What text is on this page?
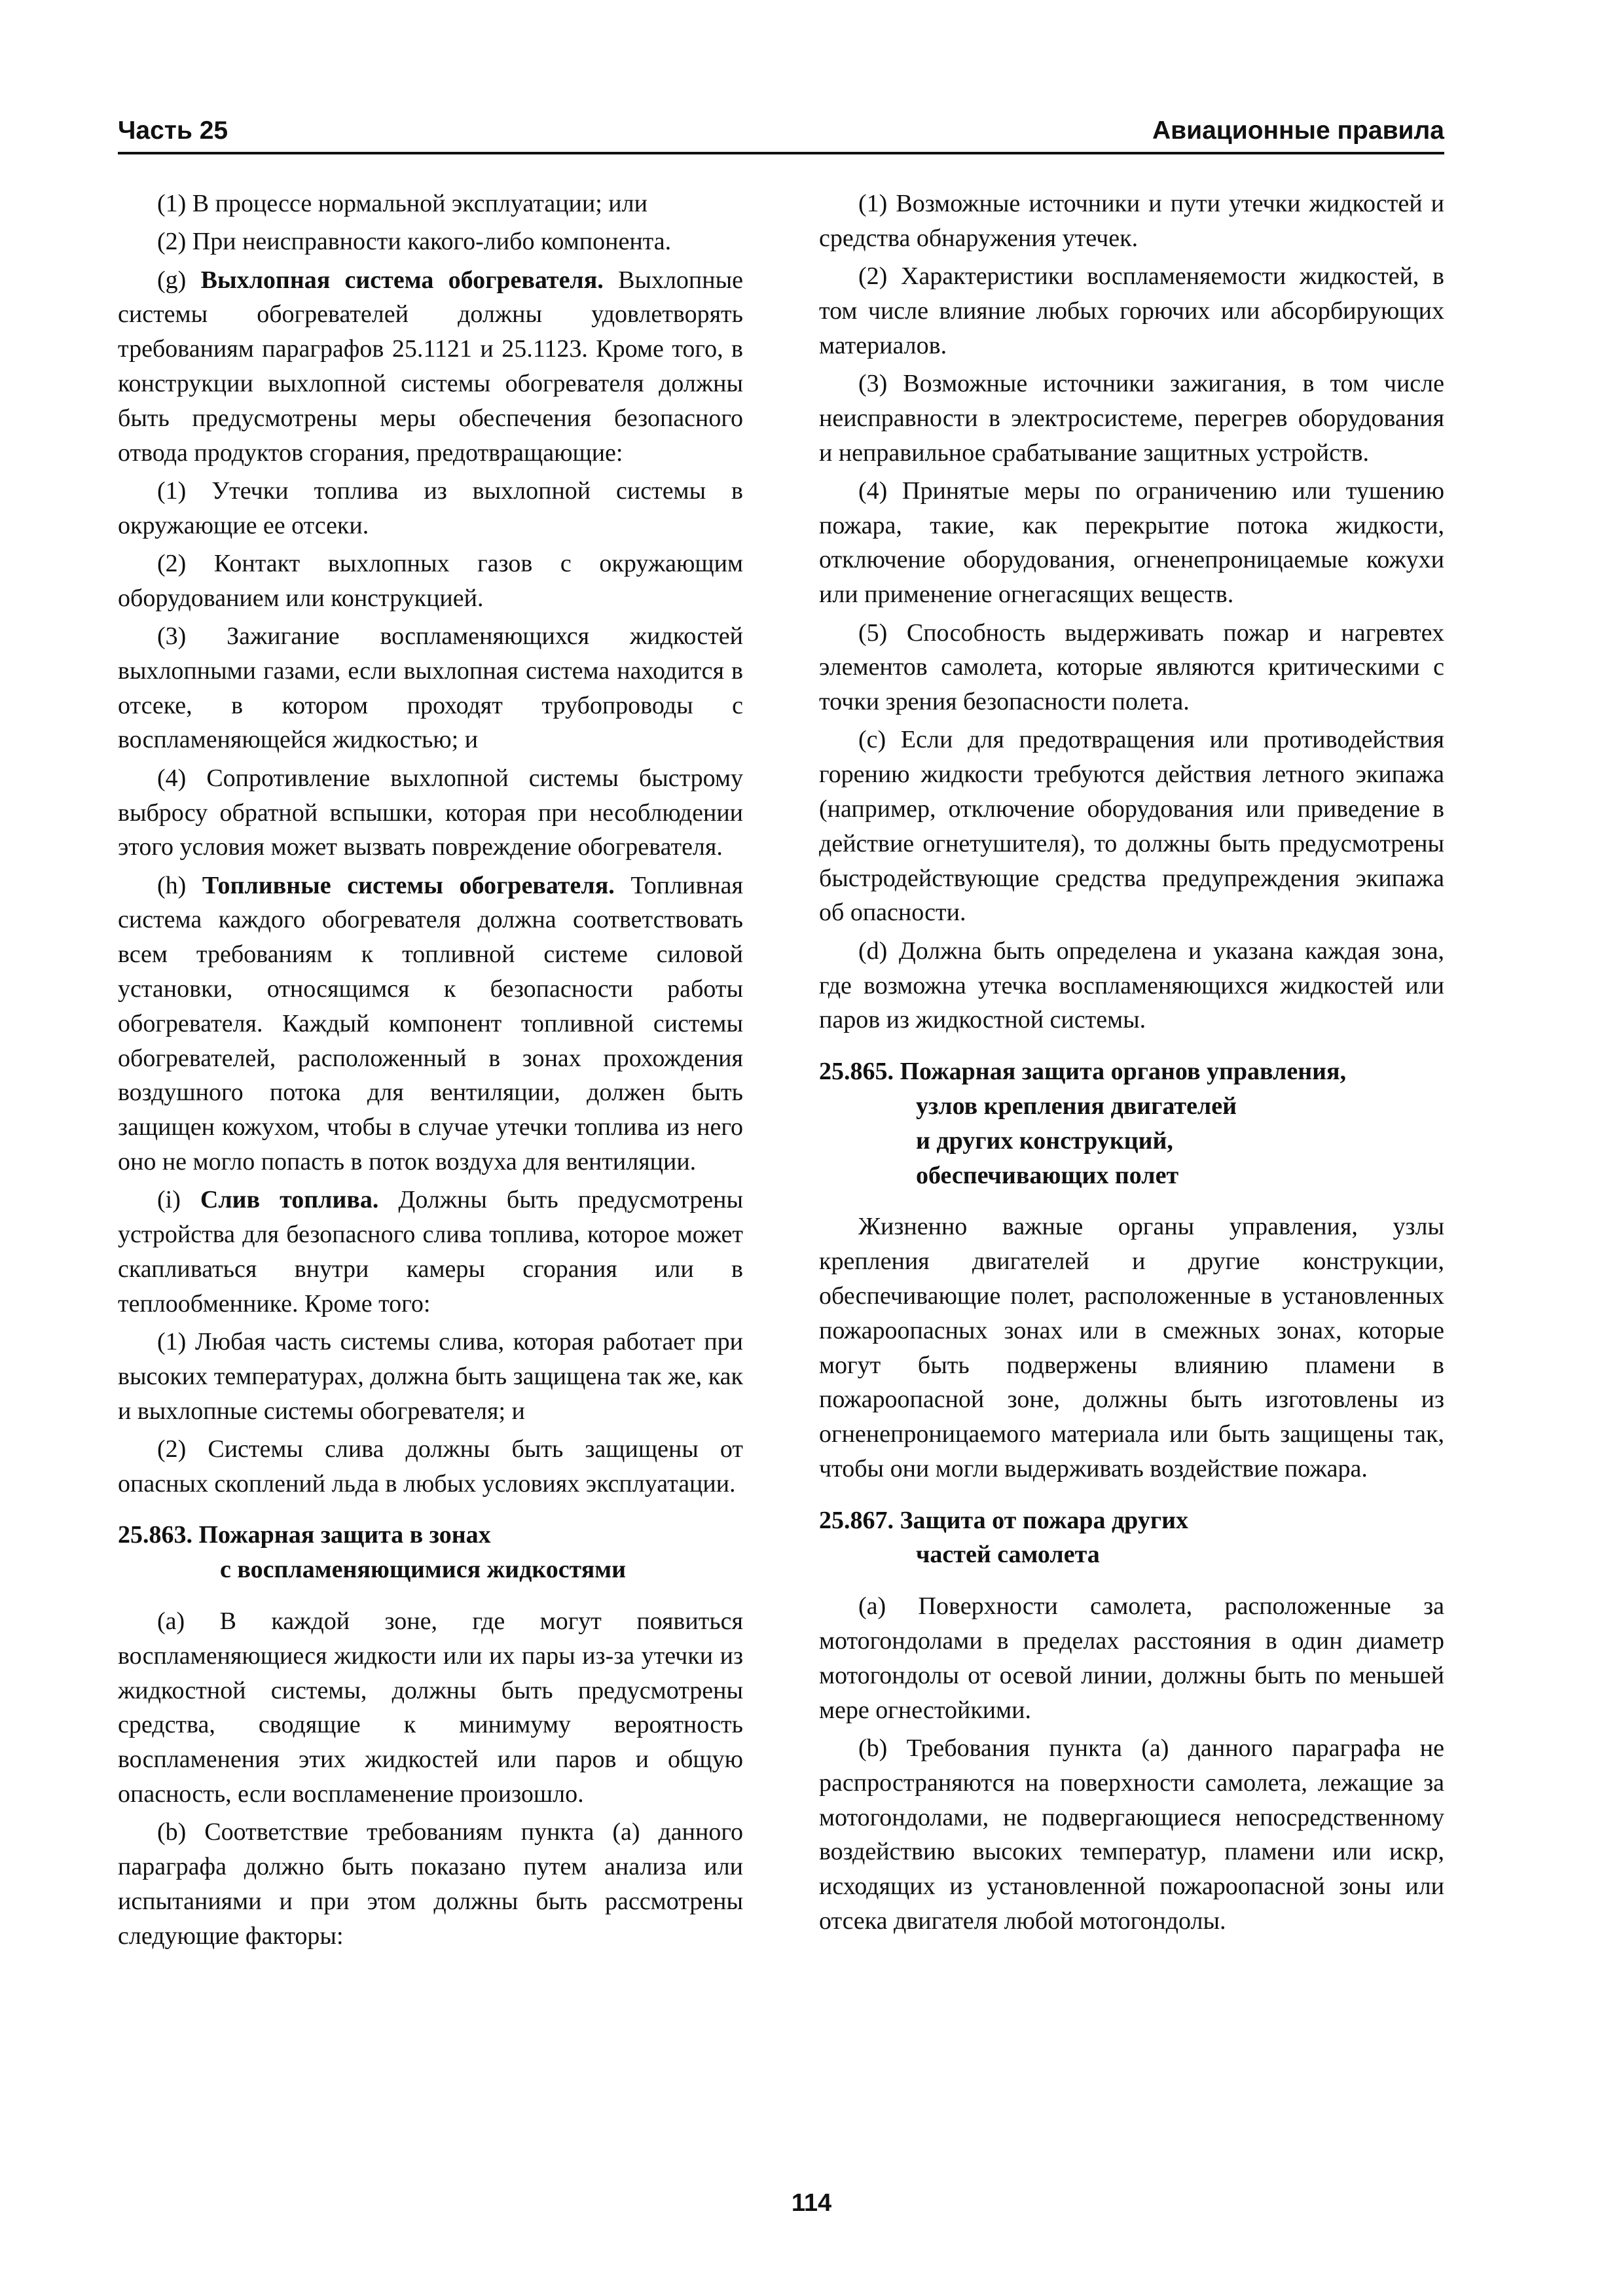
Часть 25	Авиационные правила

(1) В процессе нормальной эксплуатации; или

(2) При неисправности какого-либо компонента.

(g) Выхлопная система обогревателя. Выхлопные системы обогревателей должны удовлетворять требованиям параграфов 25.1121 и 25.1123. Кроме того, в конструкции выхлопной системы обогревателя должны быть предусмотрены меры обеспечения безопасного отвода продуктов сгорания, предотвращающие:

(1) Утечки топлива из выхлопной системы в окружающие ее отсеки.

(2) Контакт выхлопных газов с окружающим оборудованием или конструкцией.

(3) Зажигание воспламеняющихся жидкостей выхлопными газами, если выхлопная система находится в отсеке, в котором проходят трубопроводы с воспламеняющейся жидкостью; и

(4) Сопротивление выхлопной системы быстрому выбросу обратной вспышки, которая при несоблюдении этого условия может вызвать повреждение обогревателя.

(h) Топливные системы обогревателя. Топливная система каждого обогревателя должна соответствовать всем требованиям к топливной системе силовой установки, относящимся к безопасности работы обогревателя. Каждый компонент топливной системы обогревателей, расположенный в зонах прохождения воздушного потока для вентиляции, должен быть защищен кожухом, чтобы в случае утечки топлива из него оно не могло попасть в поток воздуха для вентиляции.

(i) Слив топлива. Должны быть предусмотрены устройства для безопасного слива топлива, которое может скапливаться внутри камеры сгорания или в теплообменнике. Кроме того:

(1) Любая часть системы слива, которая работает при высоких температурах, должна быть защищена так же, как и выхлопные системы обогревателя; и

(2) Системы слива должны быть защищены от опасных скоплений льда в любых условиях эксплуатации.

25.863. Пожарная защита в зонах
с воспламеняющимися жидкостями

(a) В каждой зоне, где могут появиться воспламеняющиеся жидкости или их пары из-за утечки из жидкостной системы, должны быть предусмотрены средства, сводящие к минимуму вероятность воспламенения этих жидкостей или паров и общую опасность, если воспламенение произошло.

(b) Соответствие требованиям пункта (a) данного параграфа должно быть показано путем анализа или испытаниями и при этом должны быть рассмотрены следующие факторы:

(1) Возможные источники и пути утечки жидкостей и средства обнаружения утечек.

(2) Характеристики воспламеняемости жидкостей, в том числе влияние любых горючих или абсорбирующих материалов.

(3) Возможные источники зажигания, в том числе неисправности в электросистеме, перегрев оборудования и неправильное срабатывание защитных устройств.

(4) Принятые меры по ограничению или тушению пожара, такие, как перекрытие потока жидкости, отключение оборудования, огненепроницаемые кожухи или применение огнегасящих веществ.

(5) Способность выдерживать пожар и нагревтех элементов самолета, которые являются критическими с точки зрения безопасности полета.

(c) Если для предотвращения или противодействия горению жидкости требуются действия летного экипажа (например, отключение оборудования или приведение в действие огнетушителя), то должны быть предусмотрены быстродействующие средства предупреждения экипажа об опасности.

(d) Должна быть определена и указана каждая зона, где возможна утечка воспламеняющихся жидкостей или паров из жидкостной системы.

25.865. Пожарная защита органов управления,
узлов крепления двигателей
и других конструкций,
обеспечивающих полет

Жизненно важные органы управления, узлы крепления двигателей и другие конструкции, обеспечивающие полет, расположенные в установленных пожароопасных зонах или в смежных зонах, которые могут быть подвержены влиянию пламени в пожароопасной зоне, должны быть изготовлены из огненепроницаемого материала или быть защищены так, чтобы они могли выдерживать воздействие пожара.

25.867. Защита от пожара других
частей самолета

(a) Поверхности самолета, расположенные за мотогондолами в пределах расстояния в один диаметр мотогондолы от осевой линии, должны быть по меньшей мере огнестойкими.

(b) Требования пункта (a) данного параграфа не распространяются на поверхности самолета, лежащие за мотогондолами, не подвергающиеся непосредственному воздействию высоких температур, пламени или искр, исходящих из установленной пожароопасной зоны или отсека двигателя любой мотогондолы.

114
